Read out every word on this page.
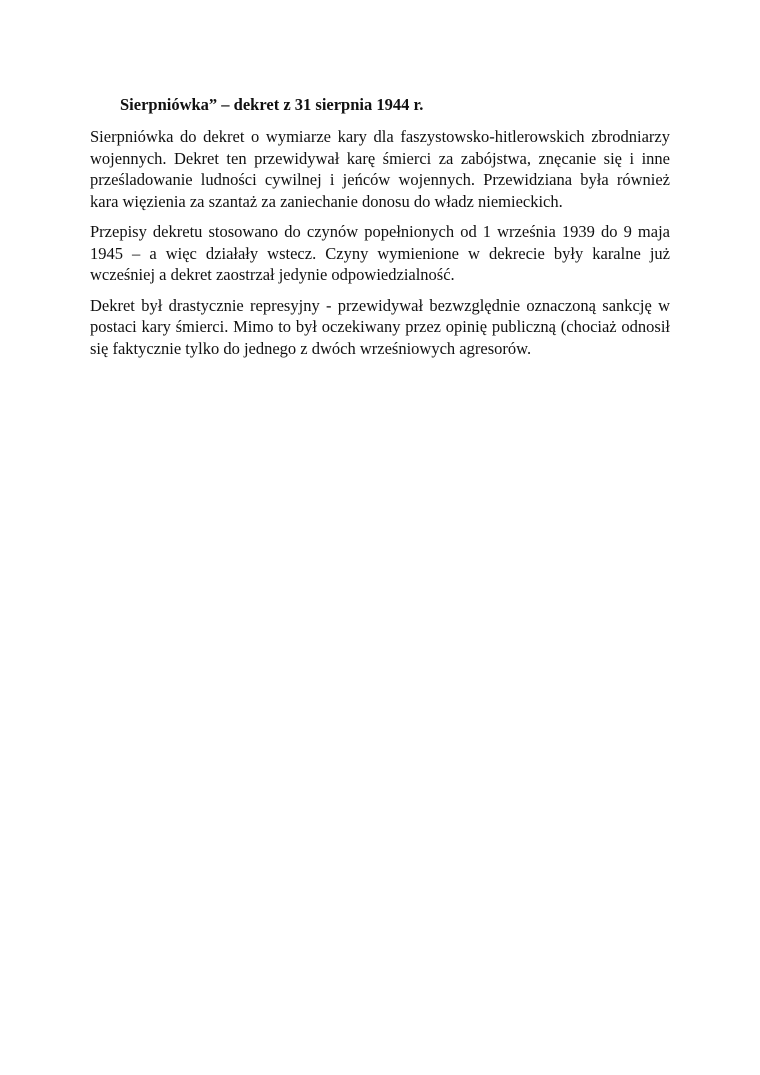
Sierpniówka” – dekret z 31 sierpnia 1944 r.

Sierpniówka do dekret o wymiarze kary dla faszystowsko-hitlerowskich zbrodniarzy wojennych. Dekret ten przewidywał karę śmierci za zabójstwa, znęcanie się i inne prześladowanie ludności cywilnej i jeńców wojennych. Przewidziana była również kara więzienia za szantaż za zaniechanie donosu do władz niemieckich.

Przepisy dekretu stosowano do czynów popełnionych od 1 września 1939 do 9 maja 1945 – a więc działały wstecz. Czyny wymienione w dekrecie były karalne już wcześniej a dekret zaostrzał jedynie odpowiedzialność.

Dekret był drastycznie represyjny - przewidywał bezwzględnie oznaczoną sankcję w postaci kary śmierci. Mimo to był oczekiwany przez opinię publiczną (chociaż odnosił się faktycznie tylko do jednego z dwóch wrześniowych agresorów.
